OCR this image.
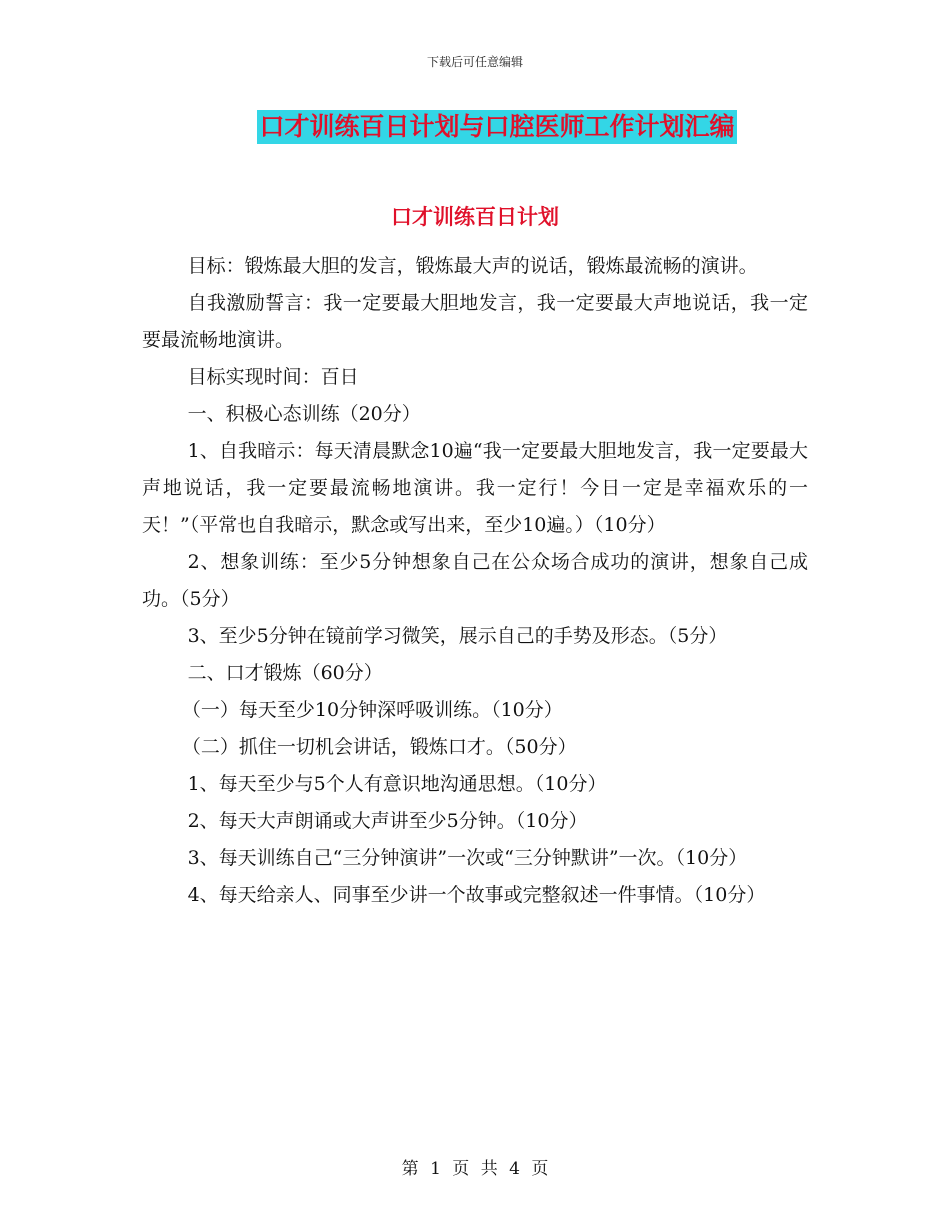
下载后可任意编辑
口才训练百日计划与口腔医师工作计划汇编
口才训练百日计划

目标：锻炼最大胆的发言，锻炼最大声的说话，锻炼最流畅的演讲。

自我激励誓言：我一定要最大胆地发言，我一定要最大声地说话，我一定要最流畅地演讲。

目标实现时间：百日

一、积极心态训练（20分）

1、自我暗示：每天清晨默念10遍“我一定要最大胆地发言，我一定要最大声地说话，我一定要最流畅地演讲。我一定行！今日一定是幸福欢乐的一天！”（平常也自我暗示，默念或写出来，至少10遍。）（10分）

2、想象训练：至少5分钟想象自己在公众场合成功的演讲，想象自己成功。（5分）

3、至少5分钟在镜前学习微笑，展示自己的手势及形态。（5分）

二、口才锻炼（60分）

（一）每天至少10分钟深呼吸训练。（10分）

（二）抓住一切机会讲话，锻炼口才。（50分）

1、每天至少与5个人有意识地沟通思想。（10分）

2、每天大声朗诵或大声讲至少5分钟。（10分）

3、每天训练自己“三分钟演讲”一次或“三分钟默讲”一次。（10分）

4、每天给亲人、同事至少讲一个故事或完整叙述一件事情。（10分）

第 1 页 共 4 页
